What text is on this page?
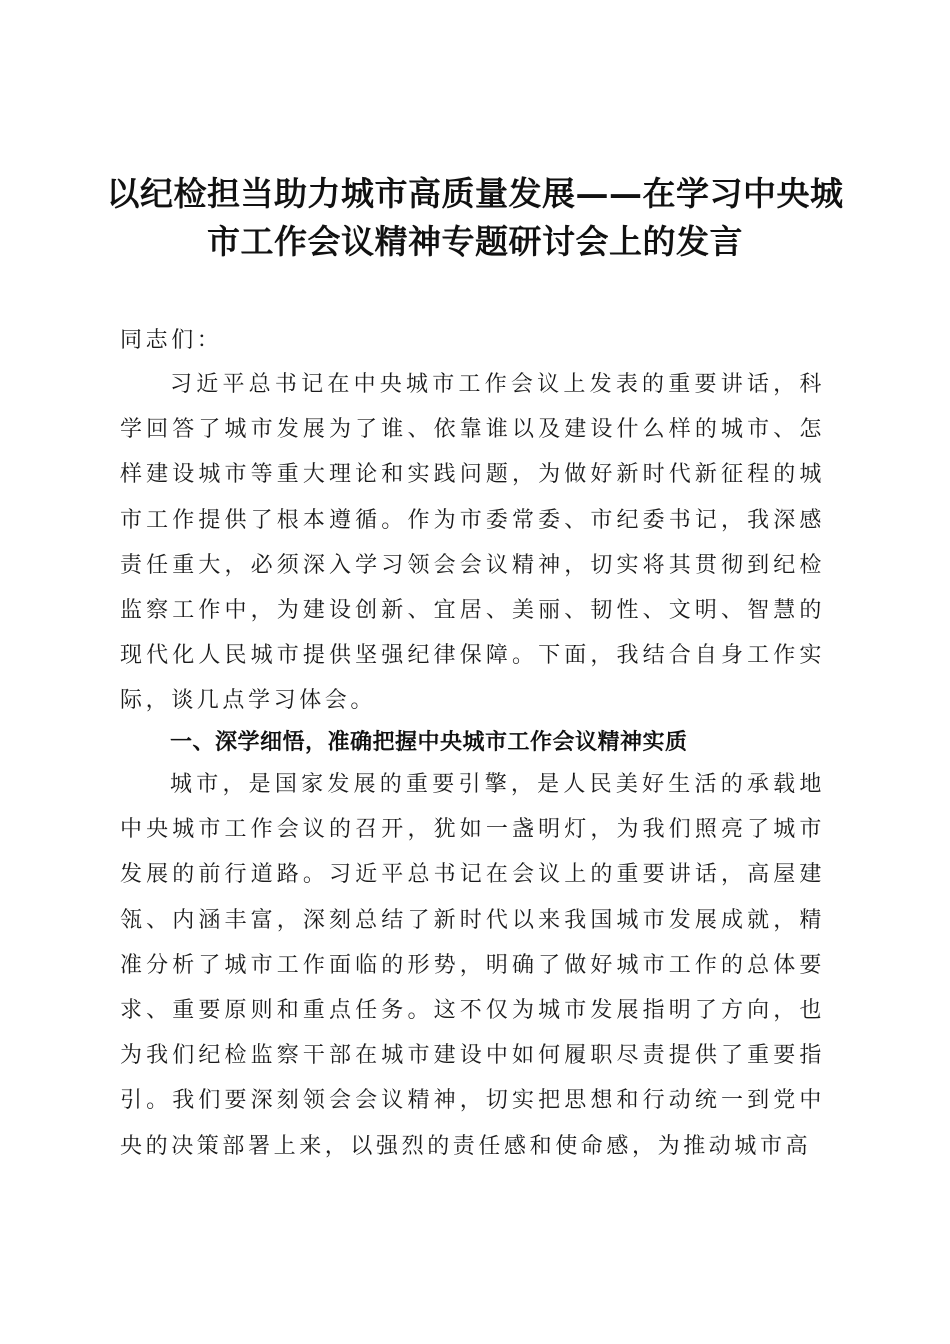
以纪检担当助力城市高质量发展——在学习中央城市工作会议精神专题研讨会上的发言

同志们：

习近平总书记在中央城市工作会议上发表的重要讲话，科学回答了城市发展为了谁、依靠谁以及建设什么样的城市、怎样建设城市等重大理论和实践问题，为做好新时代新征程的城市工作提供了根本遵循。作为市委常委、市纪委书记，我深感责任重大，必须深入学习领会会议精神，切实将其贯彻到纪检监察工作中，为建设创新、宜居、美丽、韧性、文明、智慧的现代化人民城市提供坚强纪律保障。下面，我结合自身工作实际，谈几点学习体会。

一、深学细悟，准确把握中央城市工作会议精神实质

城市，是国家发展的重要引擎，是人民美好生活的承载地中央城市工作会议的召开，犹如一盏明灯，为我们照亮了城市发展的前行道路。习近平总书记在会议上的重要讲话，高屋建瓴、内涵丰富，深刻总结了新时代以来我国城市发展成就，精准分析了城市工作面临的形势，明确了做好城市工作的总体要求、重要原则和重点任务。这不仅为城市发展指明了方向，也为我们纪检监察干部在城市建设中如何履职尽责提供了重要指引。我们要深刻领会会议精神，切实把思想和行动统一到党中央的决策部署上来，以强烈的责任感和使命感，为推动城市高
